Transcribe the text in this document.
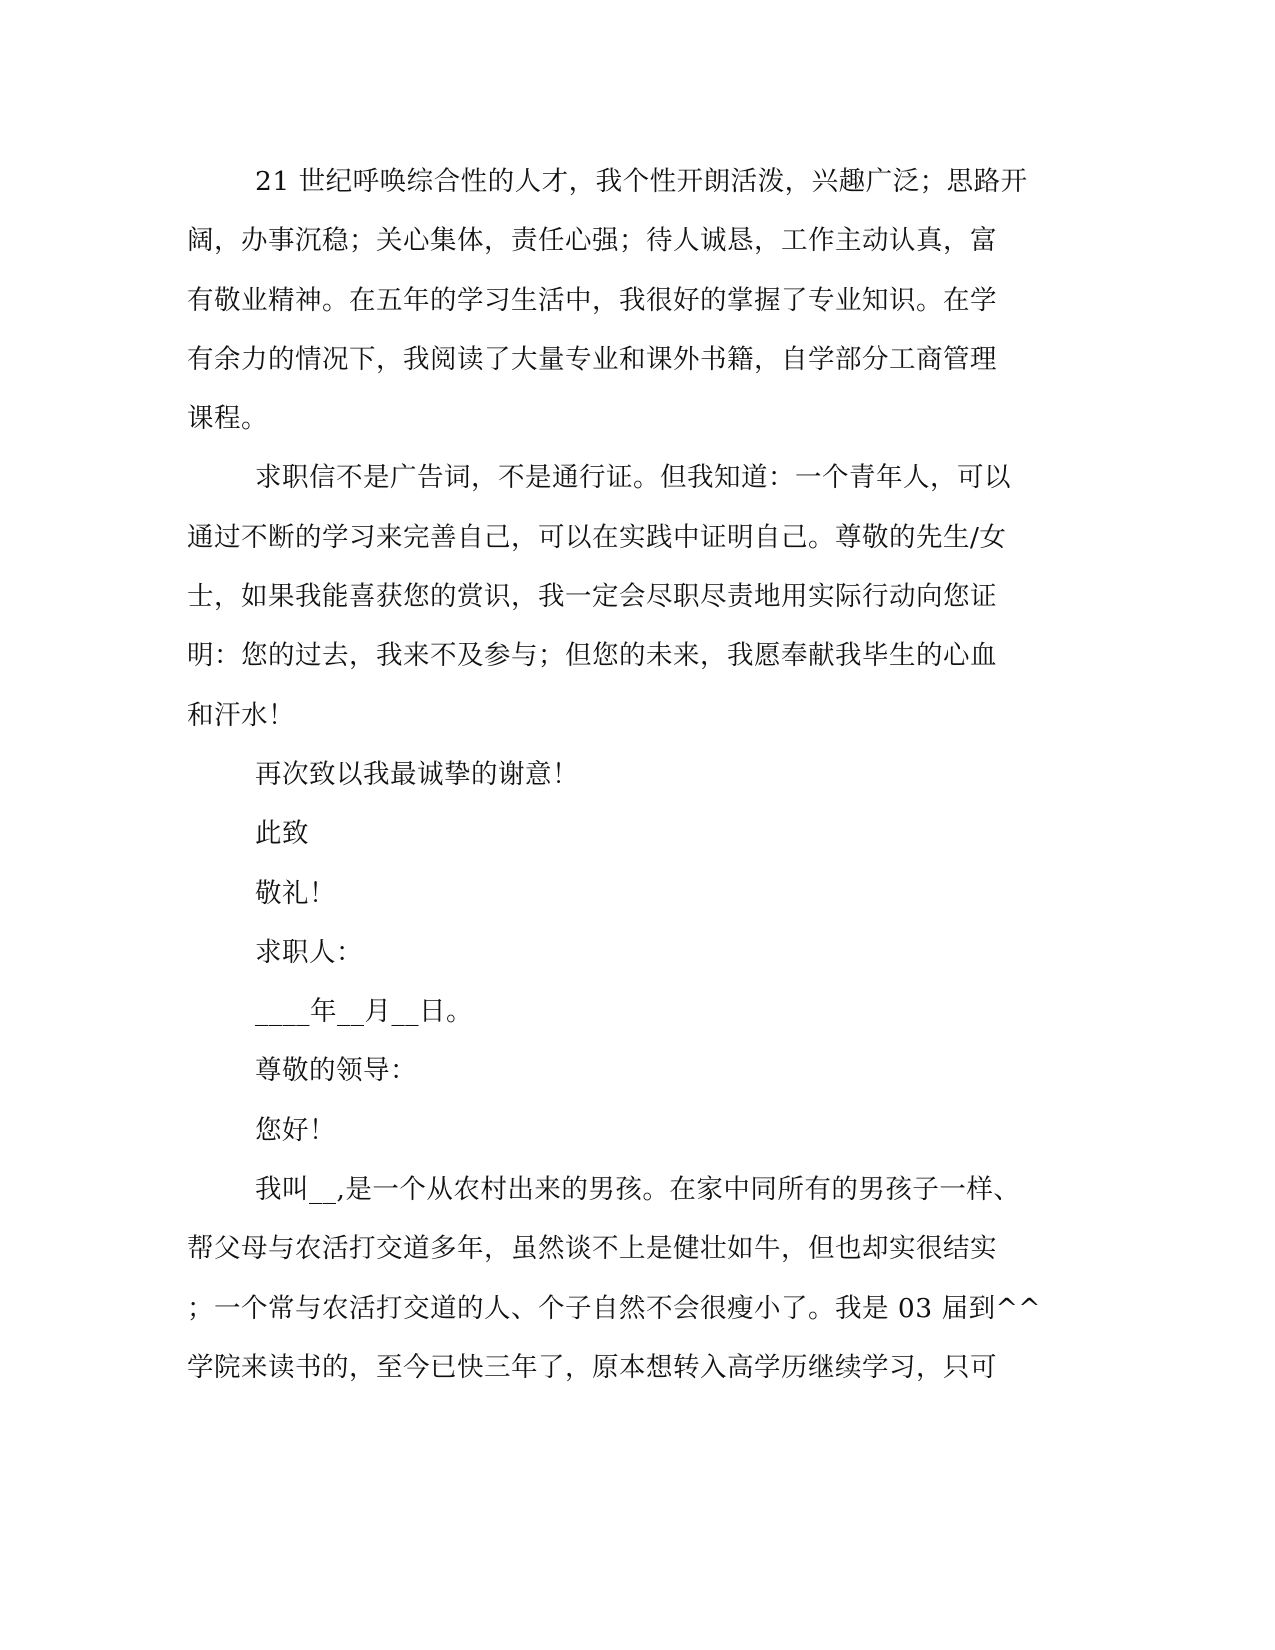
21 世纪呼唤综合性的人才，我个性开朗活泼，兴趣广泛；思路开
阔，办事沉稳；关心集体，责任心强；待人诚恳，工作主动认真，富
有敬业精神。在五年的学习生活中，我很好的掌握了专业知识。在学
有余力的情况下，我阅读了大量专业和课外书籍，自学部分工商管理
课程。
求职信不是广告词，不是通行证。但我知道：一个青年人，可以
通过不断的学习来完善自己，可以在实践中证明自己。尊敬的先生/女
士，如果我能喜获您的赏识，我一定会尽职尽责地用实际行动向您证
明：您的过去，我来不及参与；但您的未来，我愿奉献我毕生的心血
和汗水！
再次致以我最诚挚的谢意！
此致
敬礼！
求职人：
____年__月__日。
尊敬的领导：
您好！
我叫__,是一个从农村出来的男孩。在家中同所有的男孩子一样、
帮父母与农活打交道多年，虽然谈不上是健壮如牛，但也却实很结实
；一个常与农活打交道的人、个子自然不会很瘦小了。我是 03 届到^^
学院来读书的，至今已快三年了，原本想转入高学历继续学习，只可
